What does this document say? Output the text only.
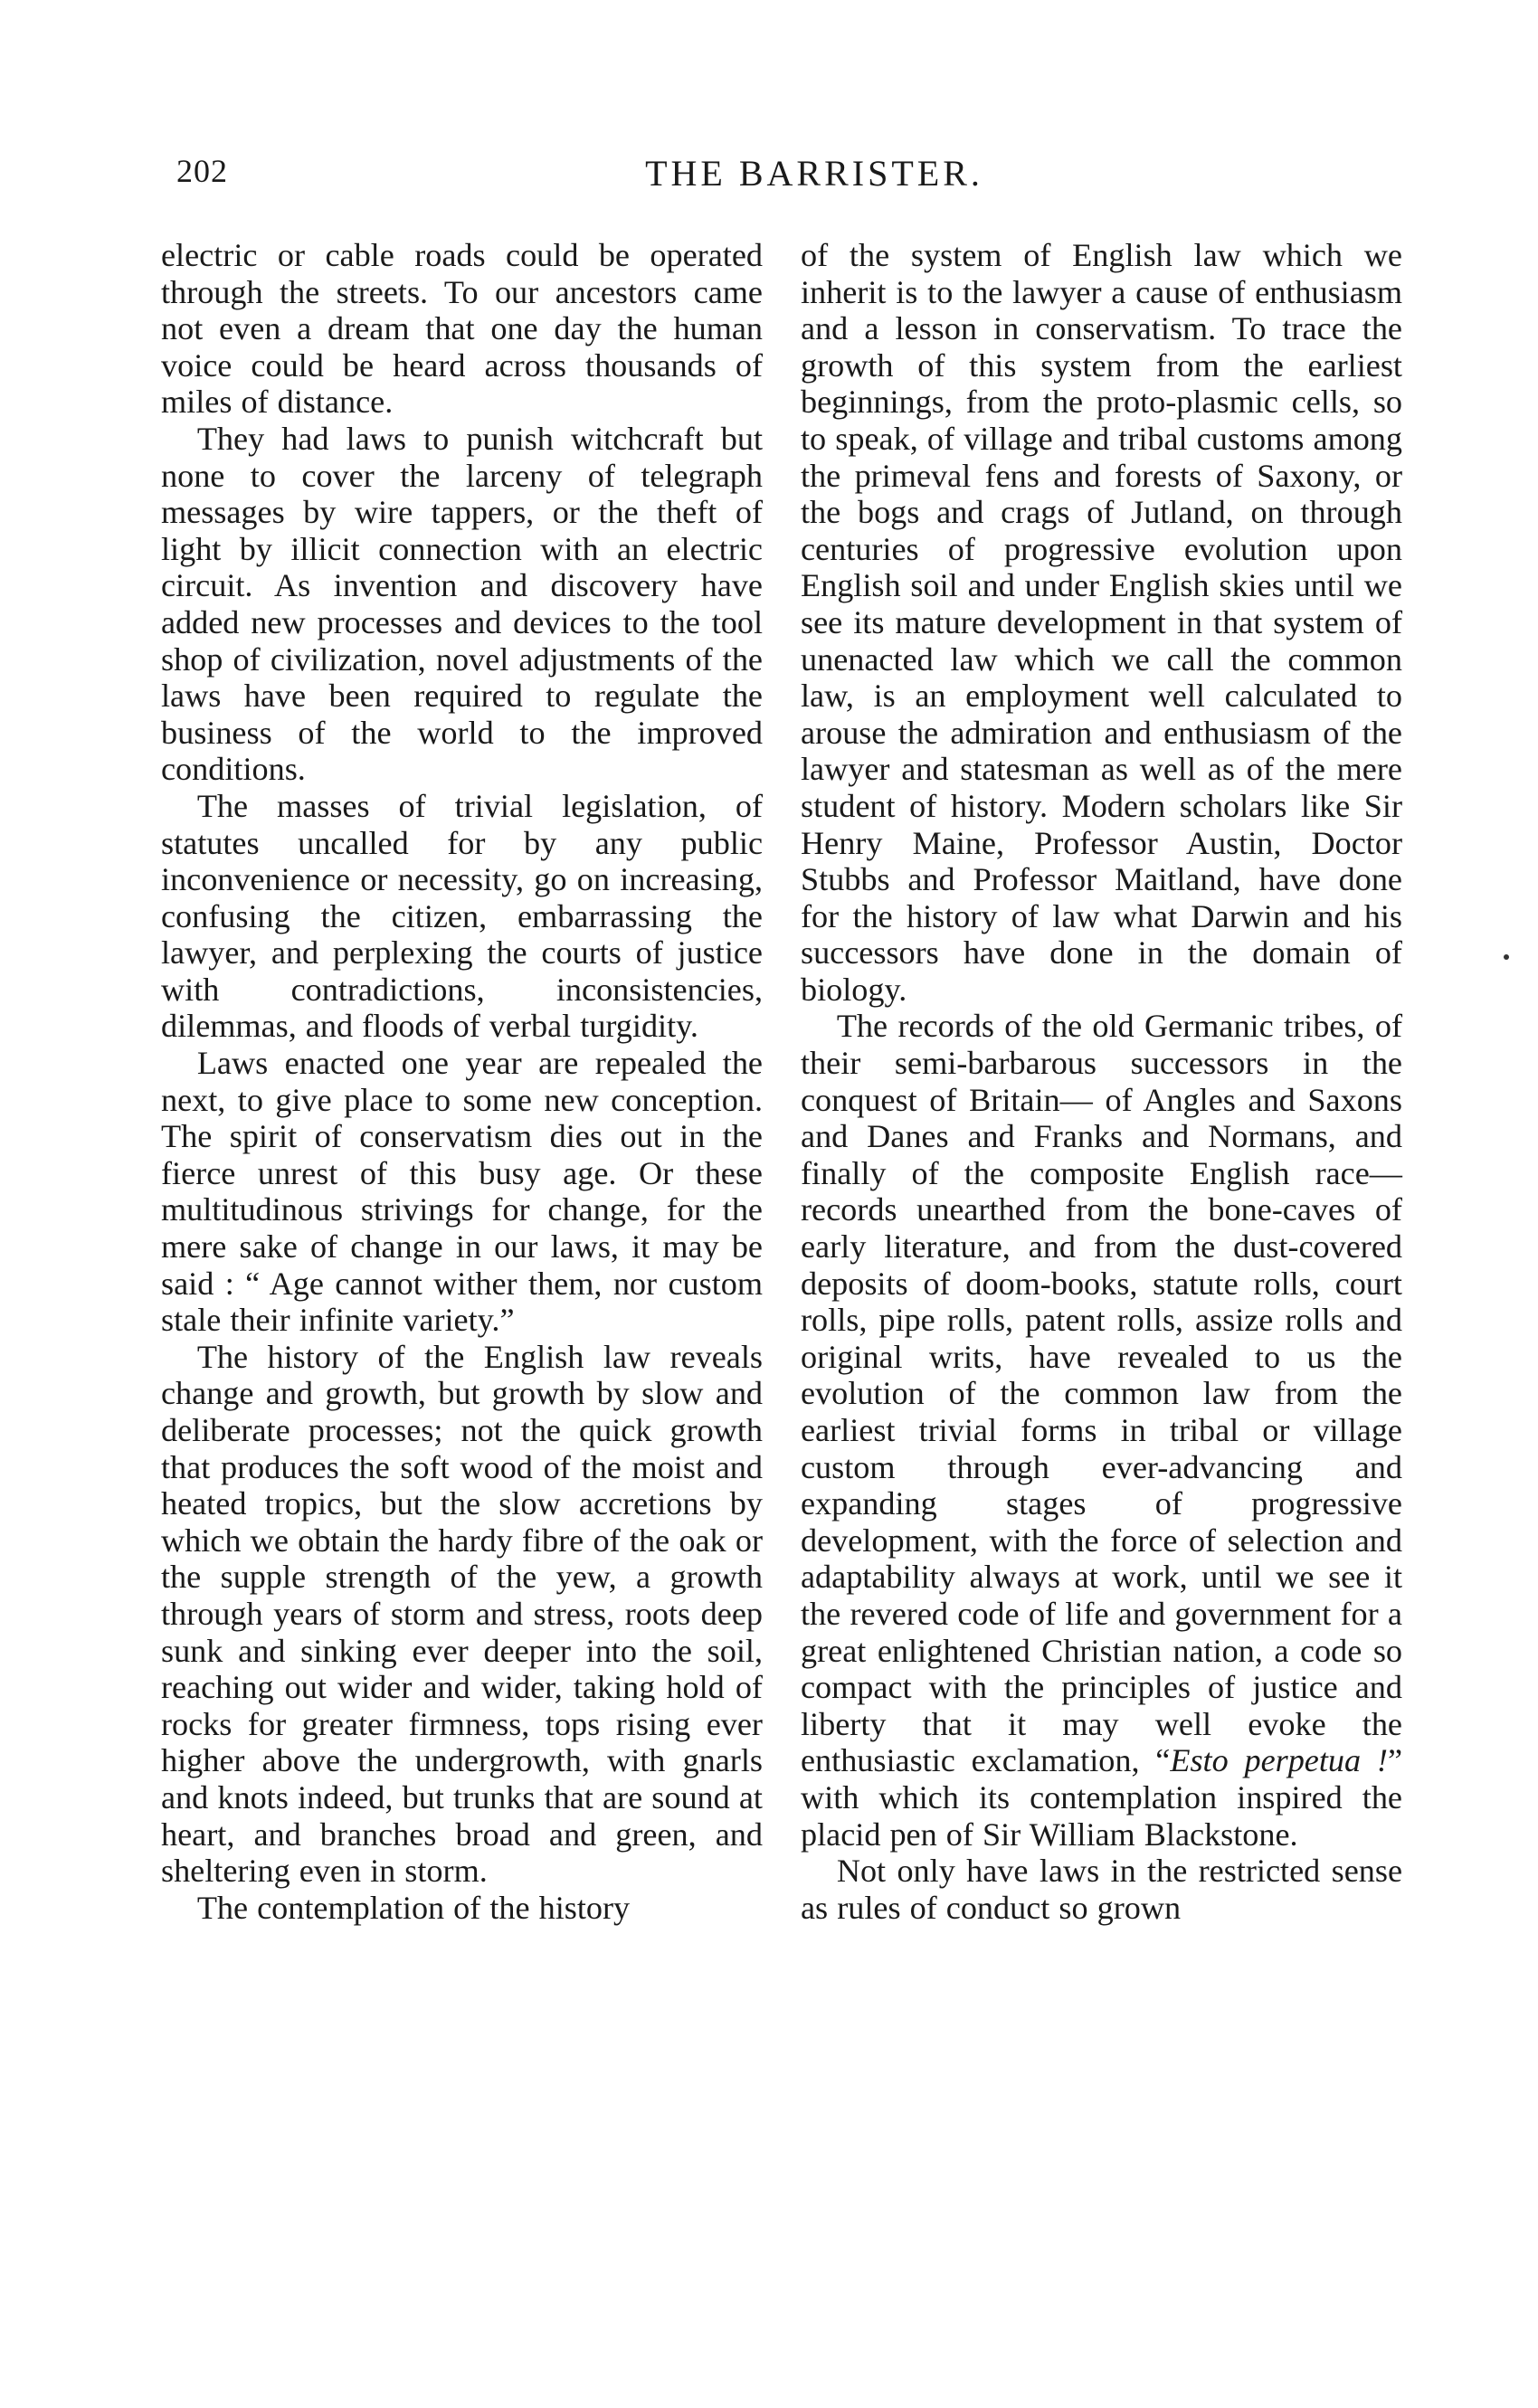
202	THE BARRISTER.

electric or cable roads could be operated through the streets. To our ancestors came not even a dream that one day the human voice could be heard across thousands of miles of distance.

They had laws to punish witchcraft but none to cover the larceny of telegraph messages by wire tappers, or the theft of light by illicit connection with an electric circuit. As invention and discovery have added new processes and devices to the tool shop of civilization, novel adjustments of the laws have been required to regulate the business of the world to the improved conditions.

The masses of trivial legislation, of statutes uncalled for by any public inconvenience or necessity, go on increasing, confusing the citizen, embarrassing the lawyer, and perplexing the courts of justice with contradictions, inconsistencies, dilemmas, and floods of verbal turgidity.

Laws enacted one year are repealed the next, to give place to some new conception. The spirit of conservatism dies out in the fierce unrest of this busy age. Or these multitudinous strivings for change, for the mere sake of change in our laws, it may be said : “ Age cannot wither them, nor custom stale their infinite variety.”

The history of the English law reveals change and growth, but growth by slow and deliberate processes; not the quick growth that produces the soft wood of the moist and heated tropics, but the slow accretions by which we obtain the hardy fibre of the oak or the supple strength of the yew, a growth through years of storm and stress, roots deep sunk and sinking ever deeper into the soil, reaching out wider and wider, taking hold of rocks for greater firmness, tops rising ever higher above the undergrowth, with gnarls and knots indeed, but trunks that are sound at heart, and branches broad and green, and sheltering even in storm.

The contemplation of the history

of the system of English law which we inherit is to the lawyer a cause of enthusiasm and a lesson in conservatism. To trace the growth of this system from the earliest beginnings, from the proto-plasmic cells, so to speak, of village and tribal customs among the primeval fens and forests of Saxony, or the bogs and crags of Jutland, on through centuries of progressive evolution upon English soil and under English skies until we see its mature development in that system of unenacted law which we call the common law, is an employment well calculated to arouse the admiration and enthusiasm of the lawyer and statesman as well as of the mere student of history. Modern scholars like Sir Henry Maine, Professor Austin, Doctor Stubbs and Professor Maitland, have done for the history of law what Darwin and his successors have done in the domain of biology.

The records of the old Germanic tribes, of their semi-barbarous successors in the conquest of Britain— of Angles and Saxons and Danes and Franks and Normans, and finally of the composite English race— records unearthed from the bone-caves of early literature, and from the dust-covered deposits of doom-books, statute rolls, court rolls, pipe rolls, patent rolls, assize rolls and original writs, have revealed to us the evolution of the common law from the earliest trivial forms in tribal or village custom through ever-advancing and expanding stages of progressive development, with the force of selection and adaptability always at work, until we see it the revered code of life and government for a great enlightened Christian nation, a code so compact with the principles of justice and liberty that it may well evoke the enthusiastic exclamation, “Esto perpetua !” with which its contemplation inspired the placid pen of Sir William Blackstone.

Not only have laws in the restricted sense as rules of conduct so grown
